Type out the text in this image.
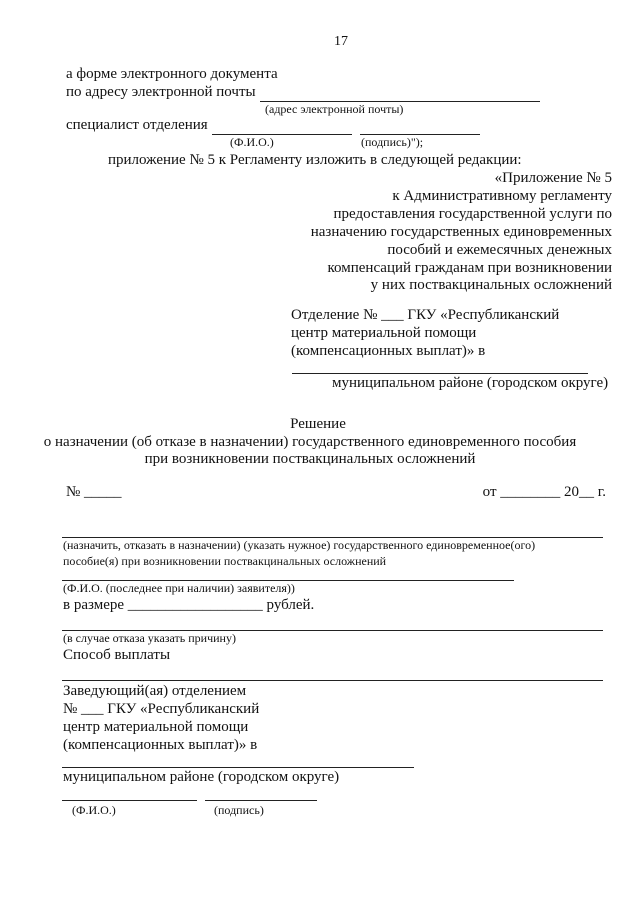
17
а форме электронного документа
по адресу электронной почты
(адрес электронной почты)
специалист отделения
(Ф.И.О.)	(подпись)");
приложение № 5 к Регламенту изложить в следующей редакции:
«Приложение № 5
к Административному регламенту
предоставления государственной услуги по
назначению государственных единовременных
пособий и ежемесячных денежных
компенсаций гражданам при возникновении
у них поствакцинальных осложнений
Отделение № ___ ГКУ «Республиканский
центр материальной помощи
(компенсационных выплат)» в
муниципальном районе (городском округе)
Решение
о назначении (об отказе в назначении) государственного единовременного пособия
при возникновении поствакцинальных осложнений
№ _____	от ________ 20__ г.
(назначить, отказать в назначении) (указать нужное) государственного единовременное(ого)
пособие(я) при возникновении поствакцинальных осложнений
(Ф.И.О. (последнее при наличии) заявителя))
в размере __________________ рублей.
(в случае отказа указать причину)
Способ выплаты
Заведующий(ая) отделением
№ ___ ГКУ «Республиканский
центр материальной помощи
(компенсационных выплат)» в
муниципальном районе (городском округе)
(Ф.И.О.)	(подпись)
